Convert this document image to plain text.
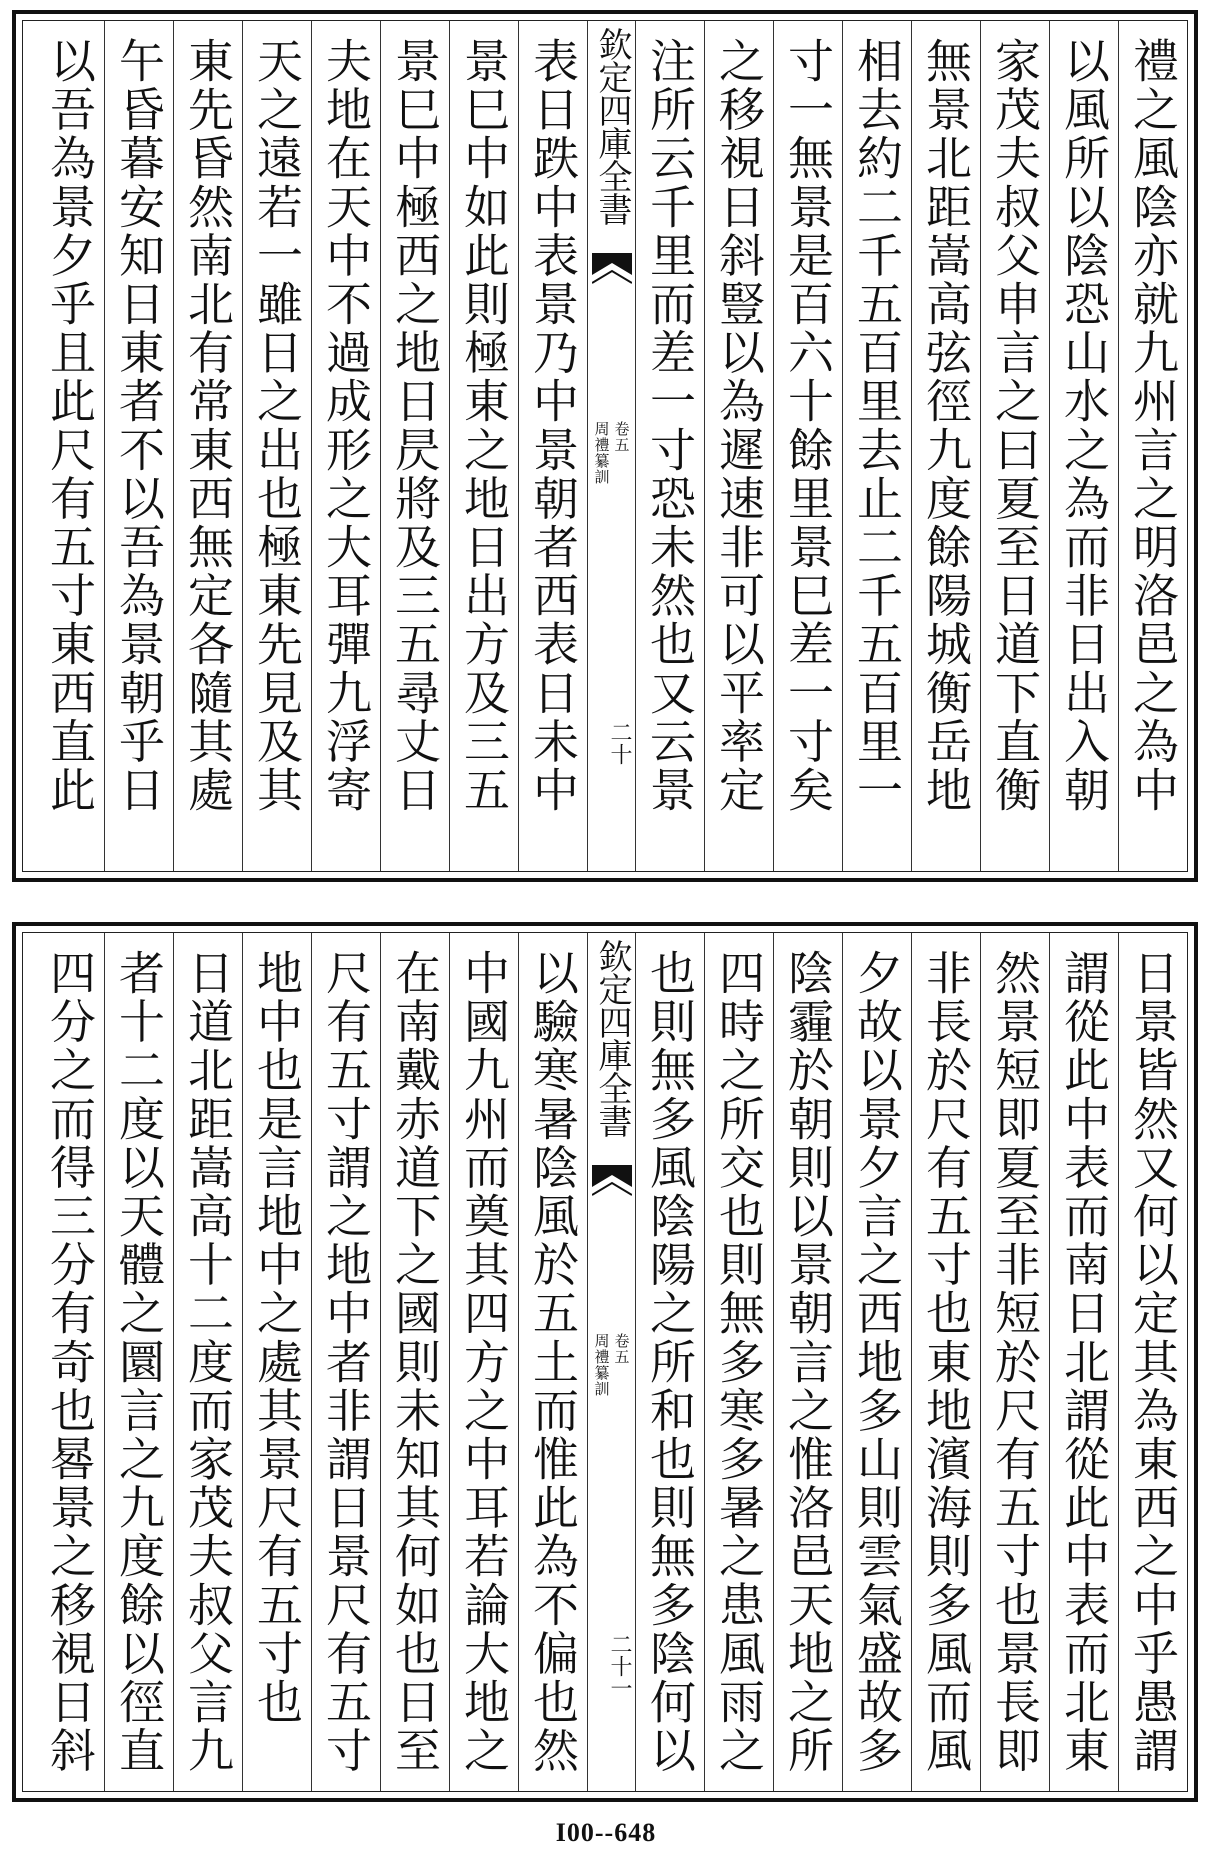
禮之風陰亦就九州言之明洛邑之為中
以風所以陰恐山水之為而非日出入朝
家茂夫叔父申言之曰夏至日道下直衡
無景北距嵩高弦徑九度餘陽城衡岳地
相去約二千五百里去止二千五百里一
寸一無景是百六十餘里景巳差一寸矣
之移視日斜豎以為遲速非可以平率定
注所云千里而差一寸恐未然也又云景
欽定四庫全書
周禮纂訓 卷五
二十
表日跌中表景乃中景朝者西表日未中
景巳中如此則極東之地日出方及三五
景巳中極西之地日昃將及三五尋丈日
夫地在天中不過成形之大耳彈九浮寄
天之遠若一雖日之出也極東先見及其
東先昏然南北有常東西無定各隨其處
午昏暮安知日東者不以吾為景朝乎日
以吾為景夕乎且此尺有五寸東西直此
日景皆然又何以定其為東西之中乎愚謂
謂從此中表而南日北謂從此中表而北東
然景短即夏至非短於尺有五寸也景長即
非長於尺有五寸也東地濱海則多風而風
夕故以景夕言之西地多山則雲氣盛故多
陰霾於朝則以景朝言之惟洛邑天地之所
四時之所交也則無多寒多暑之患風雨之
也則無多風陰陽之所和也則無多陰何以
欽定四庫全書
周禮纂訓 卷五
二十一
以驗寒暑陰風於五土而惟此為不偏也然
中國九州而奠其四方之中耳若論大地之
在南戴赤道下之國則未知其何如也日至
尺有五寸謂之地中者非謂日景尺有五寸
地中也是言地中之處其景尺有五寸也　
日道北距嵩高十二度而家茂夫叔父言九
者十二度以天體之圜言之九度餘以徑直
四分之而得三分有奇也晷景之移視日斜
I00--648
